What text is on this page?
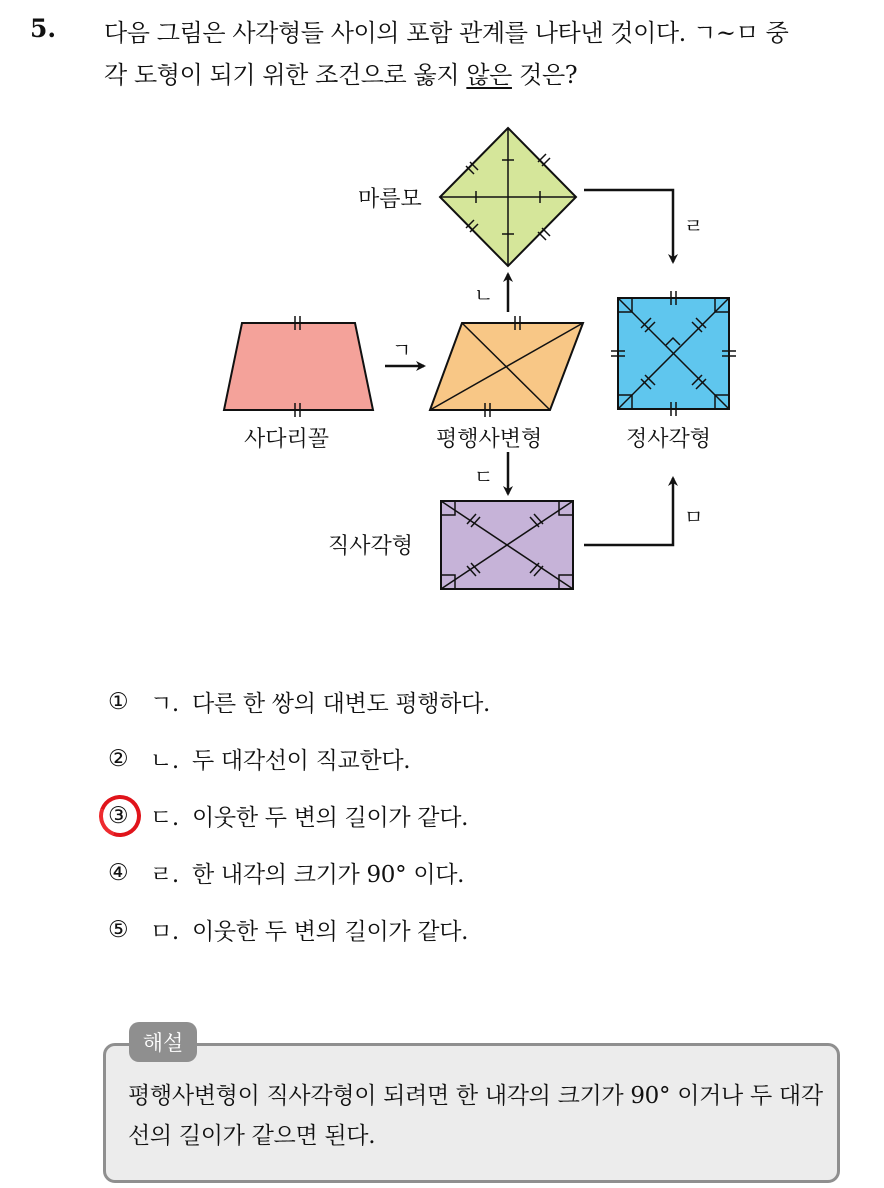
5. 다음 그림은 사각형들 사이의 포함 관계를 나타낸 것이다. ㄱ~ㅁ 중
각 도형이 되기 위한 조건으로 옳지 않은 것은?
마름모
사다리꼴	평행사변형	정사각형
직사각형
ㄱ
ㄴ
ㄷ
ㄹ
ㅁ
① ㄱ. 다른 한 쌍의 대변도 평행하다.
② ㄴ. 두 대각선이 직교한다.
③ ㄷ. 이웃한 두 변의 길이가 같다.
④ ㄹ. 한 내각의 크기가 90° 이다.
⑤ ㅁ. 이웃한 두 변의 길이가 같다.
해설
평행사변형이 직사각형이 되려면 한 내각의 크기가 90° 이거나 두 대각선의 길이가 같으면 된다.
